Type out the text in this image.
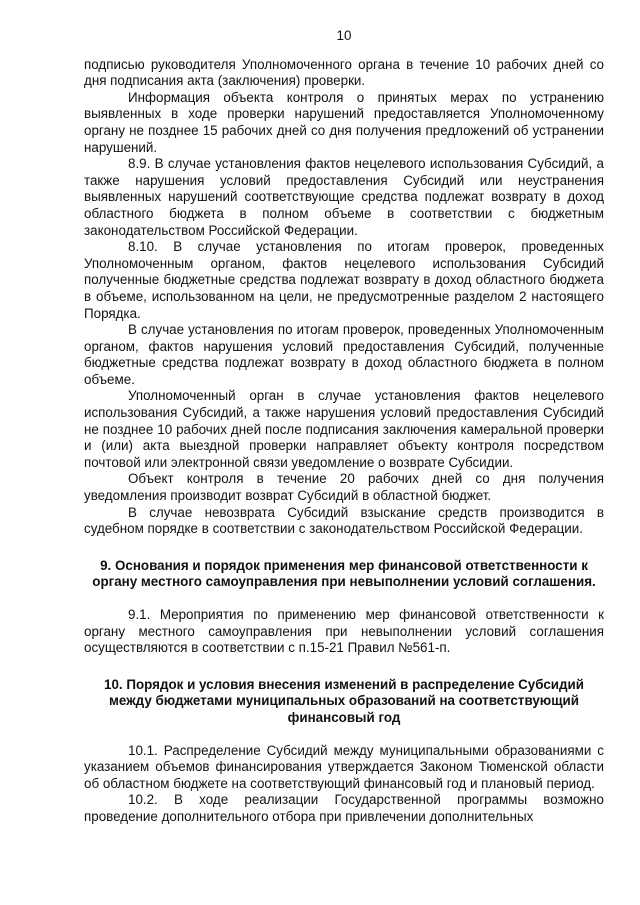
10

подписью руководителя Уполномоченного органа в течение 10 рабочих дней со дня подписания акта (заключения) проверки.

Информация объекта контроля о принятых мерах по устранению выявленных в ходе проверки нарушений предоставляется Уполномоченному органу не позднее 15 рабочих дней со дня получения предложений об устранении нарушений.

8.9. В случае установления фактов нецелевого использования Субсидий, а также нарушения условий предоставления Субсидий или неустранения выявленных нарушений соответствующие средства подлежат возврату в доход областного бюджета в полном объеме в соответствии с бюджетным законодательством Российской Федерации.

8.10. В случае установления по итогам проверок, проведенных Уполномоченным органом, фактов нецелевого использования Субсидий полученные бюджетные средства подлежат возврату в доход областного бюджета в объеме, использованном на цели, не предусмотренные разделом 2 настоящего Порядка.

В случае установления по итогам проверок, проведенных Уполномоченным органом, фактов нарушения условий предоставления Субсидий, полученные бюджетные средства подлежат возврату в доход областного бюджета в полном объеме.

Уполномоченный орган в случае установления фактов нецелевого использования Субсидий, а также нарушения условий предоставления Субсидий не позднее 10 рабочих дней после подписания заключения камеральной проверки и (или) акта выездной проверки направляет объекту контроля посредством почтовой или электронной связи уведомление о возврате Субсидии.

Объект контроля в течение 20 рабочих дней со дня получения уведомления производит возврат Субсидий в областной бюджет.

В случае невозврата Субсидий взыскание средств производится в судебном порядке в соответствии с законодательством Российской Федерации.

9. Основания и порядок применения мер финансовой ответственности к органу местного самоуправления при невыполнении условий соглашения.

9.1. Мероприятия по применению мер финансовой ответственности к органу местного самоуправления при невыполнении условий соглашения осуществляются в соответствии с п.15-21 Правил №561-п.

10. Порядок и условия внесения изменений в распределение Субсидий между бюджетами муниципальных образований на соответствующий финансовый год

10.1. Распределение Субсидий между муниципальными образованиями с указанием объемов финансирования утверждается Законом Тюменской области об областном бюджете на соответствующий финансовый год и плановый период.

10.2. В ходе реализации Государственной программы возможно проведение дополнительного отбора при привлечении дополнительных
